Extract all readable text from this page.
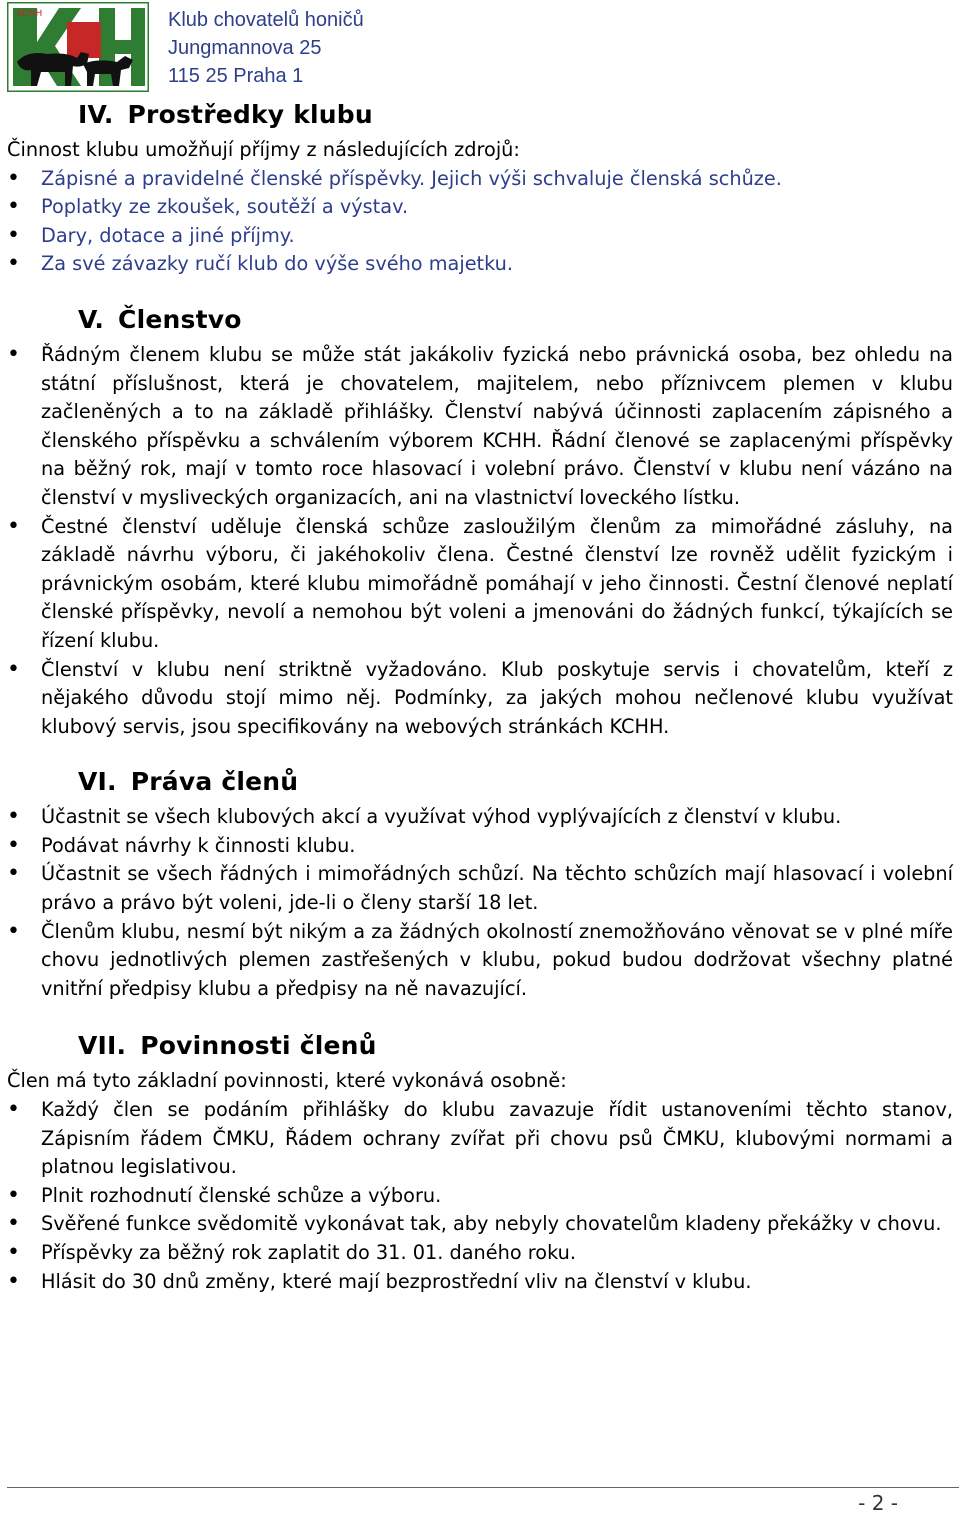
KCHH	Klub chovatelů honičů
Jungmannova 25
115 25 Praha 1
IV. Prostředky klubu

Činnost klubu umožňují příjmy z následujících zdrojů:

• Zápisné a pravidelné členské příspěvky. Jejich výši schvaluje členská schůze.
• Poplatky ze zkoušek, soutěží a výstav.
• Dary, dotace a jiné příjmy.
• Za své závazky ručí klub do výše svého majetku.
V. Členstvo
• Řádným členem klubu se může stát jakákoliv fyzická nebo právnická osoba, bez ohledu na státní příslušnost, která je chovatelem, majitelem, nebo příznivcem plemen v klubu začleněných a to na základě přihlášky. Členství nabývá účinnosti zaplacením zápisného a členského příspěvku a schválením výborem KCHH. Řádní členové se zaplacenými příspěvky na běžný rok, mají v tomto roce hlasovací i volební právo. Členství v klubu není vázáno na členství v mysliveckých organizacích, ani na vlastnictví loveckého lístku.
• Čestné členství uděluje členská schůze zasloužilým členům za mimořádné zásluhy, na základě návrhu výboru, či jakéhokoliv člena. Čestné členství lze rovněž udělit fyzickým i právnickým osobám, které klubu mimořádně pomáhají v jeho činnosti. Čestní členové neplatí členské příspěvky, nevolí a nemohou být voleni a jmenováni do žádných funkcí, týkajících se řízení klubu.
• Členství v klubu není striktně vyžadováno. Klub poskytuje servis i chovatelům, kteří z nějakého důvodu stojí mimo něj. Podmínky, za jakých mohou nečlenové klubu využívat klubový servis, jsou specifikovány na webových stránkách KCHH.
VI. Práva členů
• Účastnit se všech klubových akcí a využívat výhod vyplývajících z členství v klubu.
• Podávat návrhy k činnosti klubu.
• Účastnit se všech řádných i mimořádných schůzí. Na těchto schůzích mají hlasovací i volební právo a právo být voleni, jde-li o členy starší 18 let.
• Členům klubu, nesmí být nikým a za žádných okolností znemožňováno věnovat se v plné míře chovu jednotlivých plemen zastřešených v klubu, pokud budou dodržovat všechny platné vnitřní předpisy klubu a předpisy na ně navazující.
VII. Povinnosti členů

Člen má tyto základní povinnosti, které vykonává osobně:

• Každý člen se podáním přihlášky do klubu zavazuje řídit ustanoveními těchto stanov, Zápisním řádem ČMKU, Řádem ochrany zvířat při chovu psů ČMKU, klubovými normami a platnou legislativou.
• Plnit rozhodnutí členské schůze a výboru.
• Svěřené funkce svědomitě vykonávat tak, aby nebyly chovatelům kladeny překážky v chovu.
• Příspěvky za běžný rok zaplatit do 31. 01. daného roku.
• Hlásit do 30 dnů změny, které mají bezprostřední vliv na členství v klubu.
- 2 -
